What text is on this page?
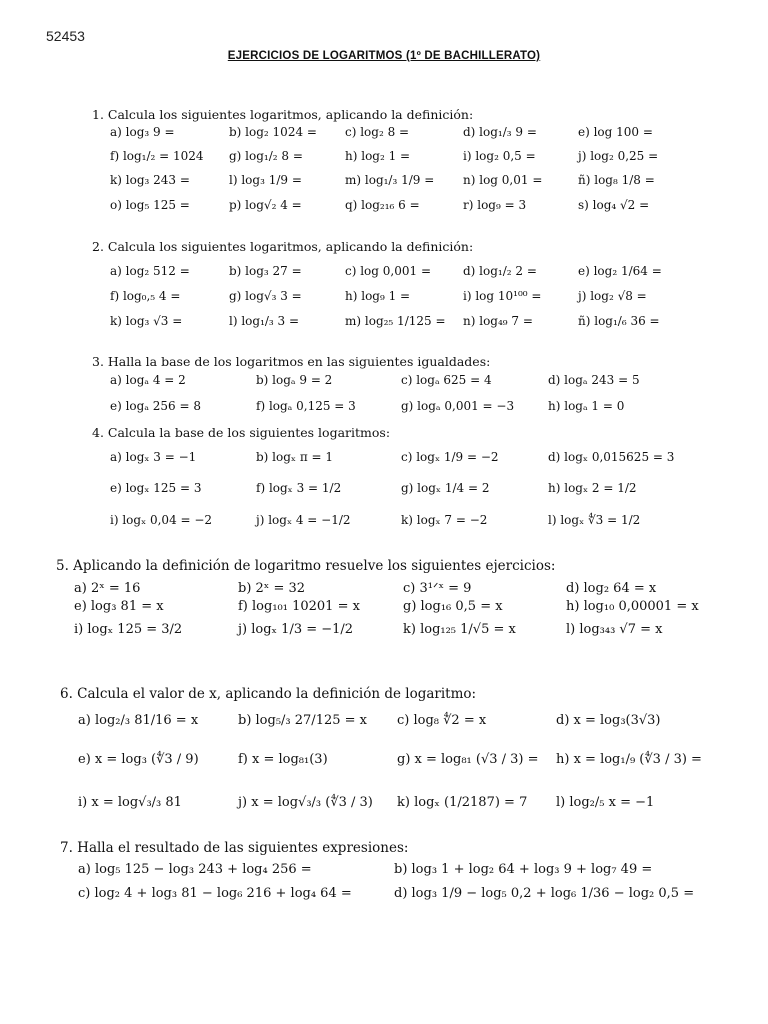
52453
EJERCICIOS DE LOGARITMOS (1º DE BACHILLERATO)
1. Calcula los siguientes logaritmos, aplicando la definición:
a) log₃ 9 =	b) log₂ 1024 = c) log₂ 8 =	d) log₁/₃ 9 =	e) log 100 =
f) log₁/₂ = 1024 g) log₁/₂ 8 =	h) log₂ 1 =	i) log₂ 0,5 =	j) log₂ 0,25 =
k) log₃ 243 =	l) log₃ 1/9 =	m) log₁/₃ 1/9 = n) log 0,01 =	ñ) log₈ 1/8 =
o) log₅ 125 =	p) log√₂ 4 =	q) log₂₁₆ 6 =	r) log₉ = 3	s) log₄ √2 =
2. Calcula los siguientes logaritmos, aplicando la definición:
a) log₂ 512 =	b) log₃ 27 =	c) log 0,001 =	d) log₁/₂ 2 =	e) log₂ 1/64 =
f) log₀,₅ 4 =	g) log√₃ 3 =	h) log₉ 1 =	i) log 10¹⁰⁰ =	j) log₂ √8 =
k) log₃ √3 =	l) log₁/₃ 3 =	m) log₂₅ 1/125 = n) log₄₉ 7 =	ñ) log₁/₆ 36 =
3. Halla la base de los logaritmos en las siguientes igualdades:
a) logₐ 4 = 2	b) logₐ 9 = 2	c) logₐ 625 = 4	d) logₐ 243 = 5
e) logₐ 256 = 8	f) logₐ 0,125 = 3	g) logₐ 0,001 = −3	h) logₐ 1 = 0
4. Calcula la base de los siguientes logaritmos:
a) logₓ 3 = −1	b) logₓ π = 1	c) logₓ 1/9 = −2	d) logₓ 0,015625 = 3
e) logₓ 125 = 3	f) logₓ 3 = 1/2	g) logₓ 1/4 = 2	h) logₓ 2 = 1/2
i) logₓ 0,04 = −2	j) logₓ 4 = −1/2	k) logₓ 7 = −2	l) logₓ ∜3 = 1/2
5. Aplicando la definición de logaritmo resuelve los siguientes ejercicios:
a) 2ˣ = 16	b) 2ˣ = 32	c) 3¹ᐟˣ = 9	d) log₂ 64 = x
e) log₃ 81 = x	f) log₁₀₁ 10201 = x	g) log₁₆ 0,5 = x	h) log₁₀ 0,00001 = x
i) logₓ 125 = 3/2	j) logₓ 1/3 = −1/2	k) log₁₂₅ 1/√5 = x	l) log₃₄₃ √7 = x
6. Calcula el valor de x, aplicando la definición de logaritmo:
a) log₂/₃ 81/16 = x	b) log₅/₃ 27/125 = x c) log₈ ∜2 = x	d) x = log₃(3√3)
e) x = log₃ (∜3 / 9)	f) x = log₈₁(3)	g) x = log₈₁ (√3 / 3) = h) x = log₁/₉ (∜3 / 3) =
i) x = log√₃/₃ 81	j) x = log√₃/₃ (∜3 / 3) k) logₓ (1/2187) = 7 l) log₂/₅ x = −1
7. Halla el resultado de las siguientes expresiones:
a) log₅ 125 − log₃ 243 + log₄ 256 =	b) log₃ 1 + log₂ 64 + log₃ 9 + log₇ 49 =
c) log₂ 4 + log₃ 81 − log₆ 216 + log₄ 64 =	d) log₃ 1/9 − log₅ 0,2 + log₆ 1/36 − log₂ 0,5 =
